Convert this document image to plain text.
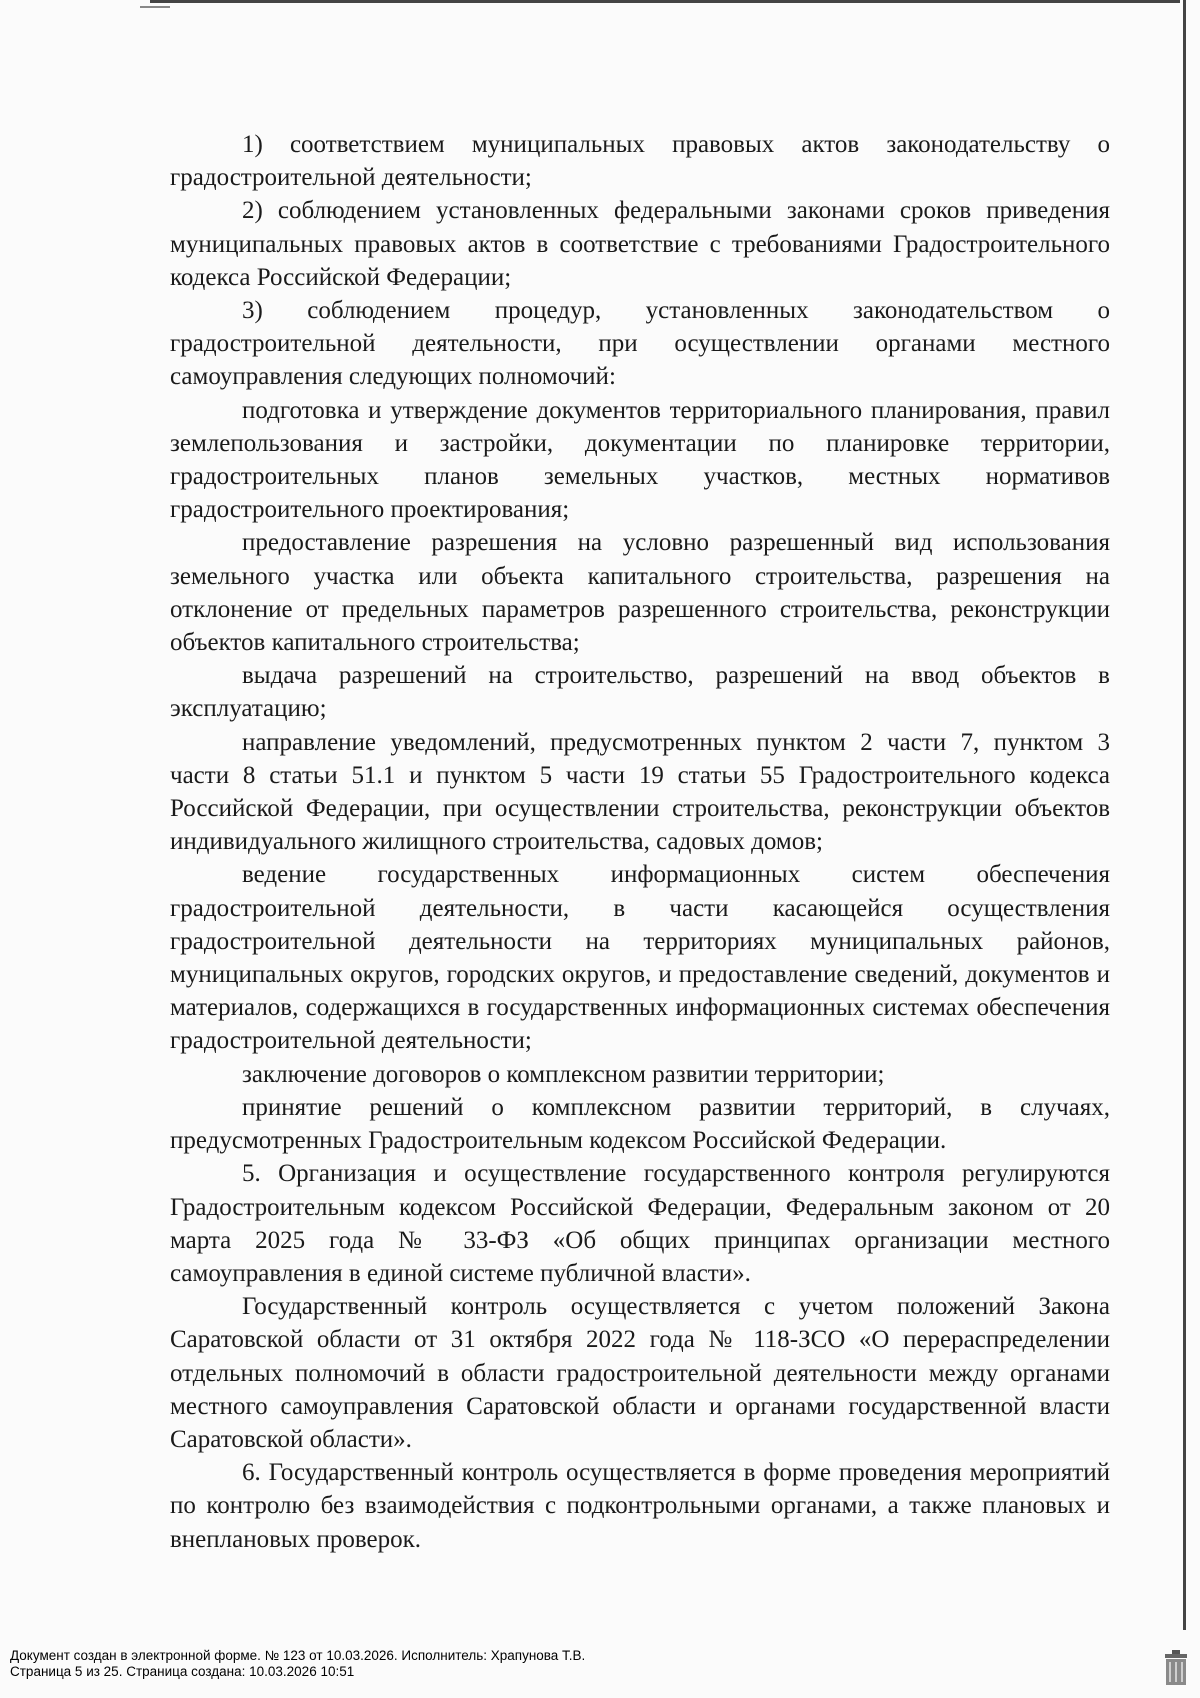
1) соответствием муниципальных правовых актов законодательству о градостроительной деятельности;

2) соблюдением установленных федеральными законами сроков приведения муниципальных правовых актов в соответствие с требованиями Градостроительного кодекса Российской Федерации;

3) соблюдением процедур, установленных законодательством о градостроительной деятельности, при осуществлении органами местного самоуправления следующих полномочий:

подготовка и утверждение документов территориального планирования, правил землепользования и застройки, документации по планировке территории, градостроительных планов земельных участков, местных нормативов градостроительного проектирования;

предоставление разрешения на условно разрешенный вид использования земельного участка или объекта капитального строительства, разрешения на отклонение от предельных параметров разрешенного строительства, реконструкции объектов капитального строительства;

выдача разрешений на строительство, разрешений на ввод объектов в эксплуатацию;

направление уведомлений, предусмотренных пунктом 2 части 7, пунктом 3 части 8 статьи 51.1 и пунктом 5 части 19 статьи 55 Градостроительного кодекса Российской Федерации, при осуществлении строительства, реконструкции объектов индивидуального жилищного строительства, садовых домов;

ведение государственных информационных систем обеспечения градостроительной деятельности, в части касающейся осуществления градостроительной деятельности на территориях муниципальных районов, муниципальных округов, городских округов, и предоставление сведений, документов и материалов, содержащихся в государственных информационных системах обеспечения градостроительной деятельности;

заключение договоров о комплексном развитии территории;

принятие решений о комплексном развитии территорий, в случаях, предусмотренных Градостроительным кодексом Российской Федерации.

5. Организация и осуществление государственного контроля регулируются Градостроительным кодексом Российской Федерации, Федеральным законом от 20 марта 2025 года № 33-ФЗ «Об общих принципах организации местного самоуправления в единой системе публичной власти».

Государственный контроль осуществляется с учетом положений Закона Саратовской области от 31 октября 2022 года № 118-ЗСО «О перераспределении отдельных полномочий в области градостроительной деятельности между органами местного самоуправления Саратовской области и органами государственной власти Саратовской области».

6. Государственный контроль осуществляется в форме проведения мероприятий по контролю без взаимодействия с подконтрольными органами, а также плановых и внеплановых проверок.

Документ создан в электронной форме. № 123 от 10.03.2026. Исполнитель: Храпунова Т.В.
Страница 5 из 25. Страница создана: 10.03.2026 10:51
